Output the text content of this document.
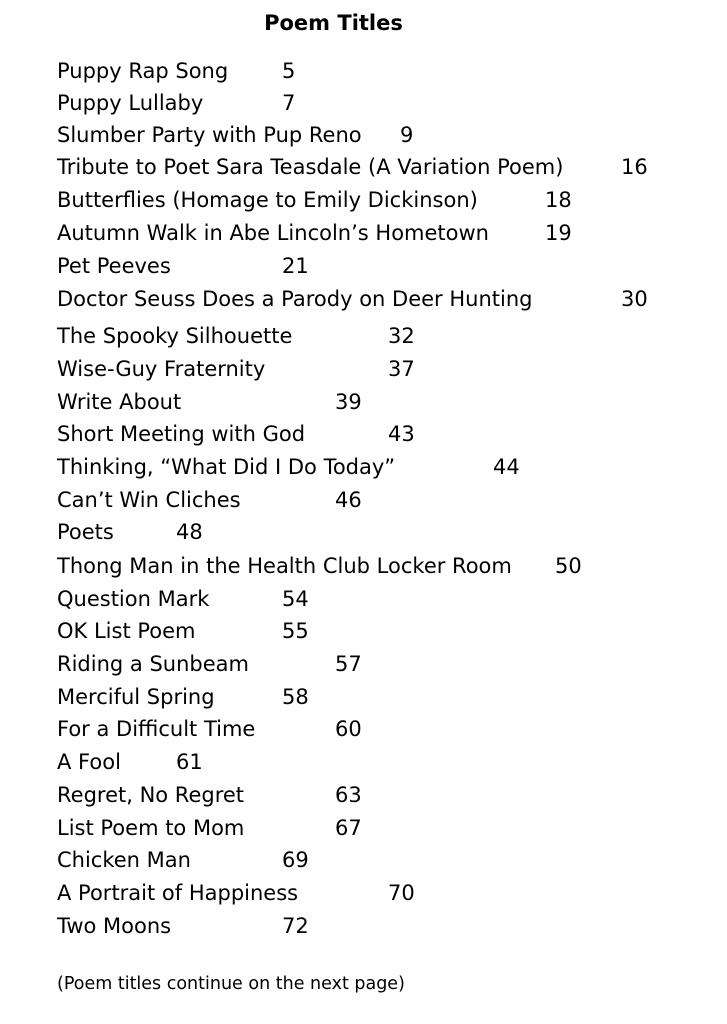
Poem Titles
Puppy Rap Song	5
Puppy Lullaby	7
Slumber Party with Pup Reno 9
Tribute to Poet Sara Teasdale (A Variation Poem)	16
Butterflies (Homage to Emily Dickinson)	18
Autumn Walk in Abe Lincoln’s Hometown	19
Pet Peeves	21
Doctor Seuss Does a Parody on Deer Hunting	30
The Spooky Silhouette	32
Wise-Guy Fraternity	37
Write About	39
Short Meeting with God	43
Thinking, “What Did I Do Today”	44
Can’t Win Cliches	46
Poets	48
Thong Man in the Health Club Locker Room 50
Question Mark	54
OK List Poem	55
Riding a Sunbeam	57
Merciful Spring	58
For a Difficult Time	60
A Fool	61
Regret, No Regret	63
List Poem to Mom	67
Chicken Man	69
A Portrait of Happiness	70
Two Moons	72
(Poem titles continue on the next page)
